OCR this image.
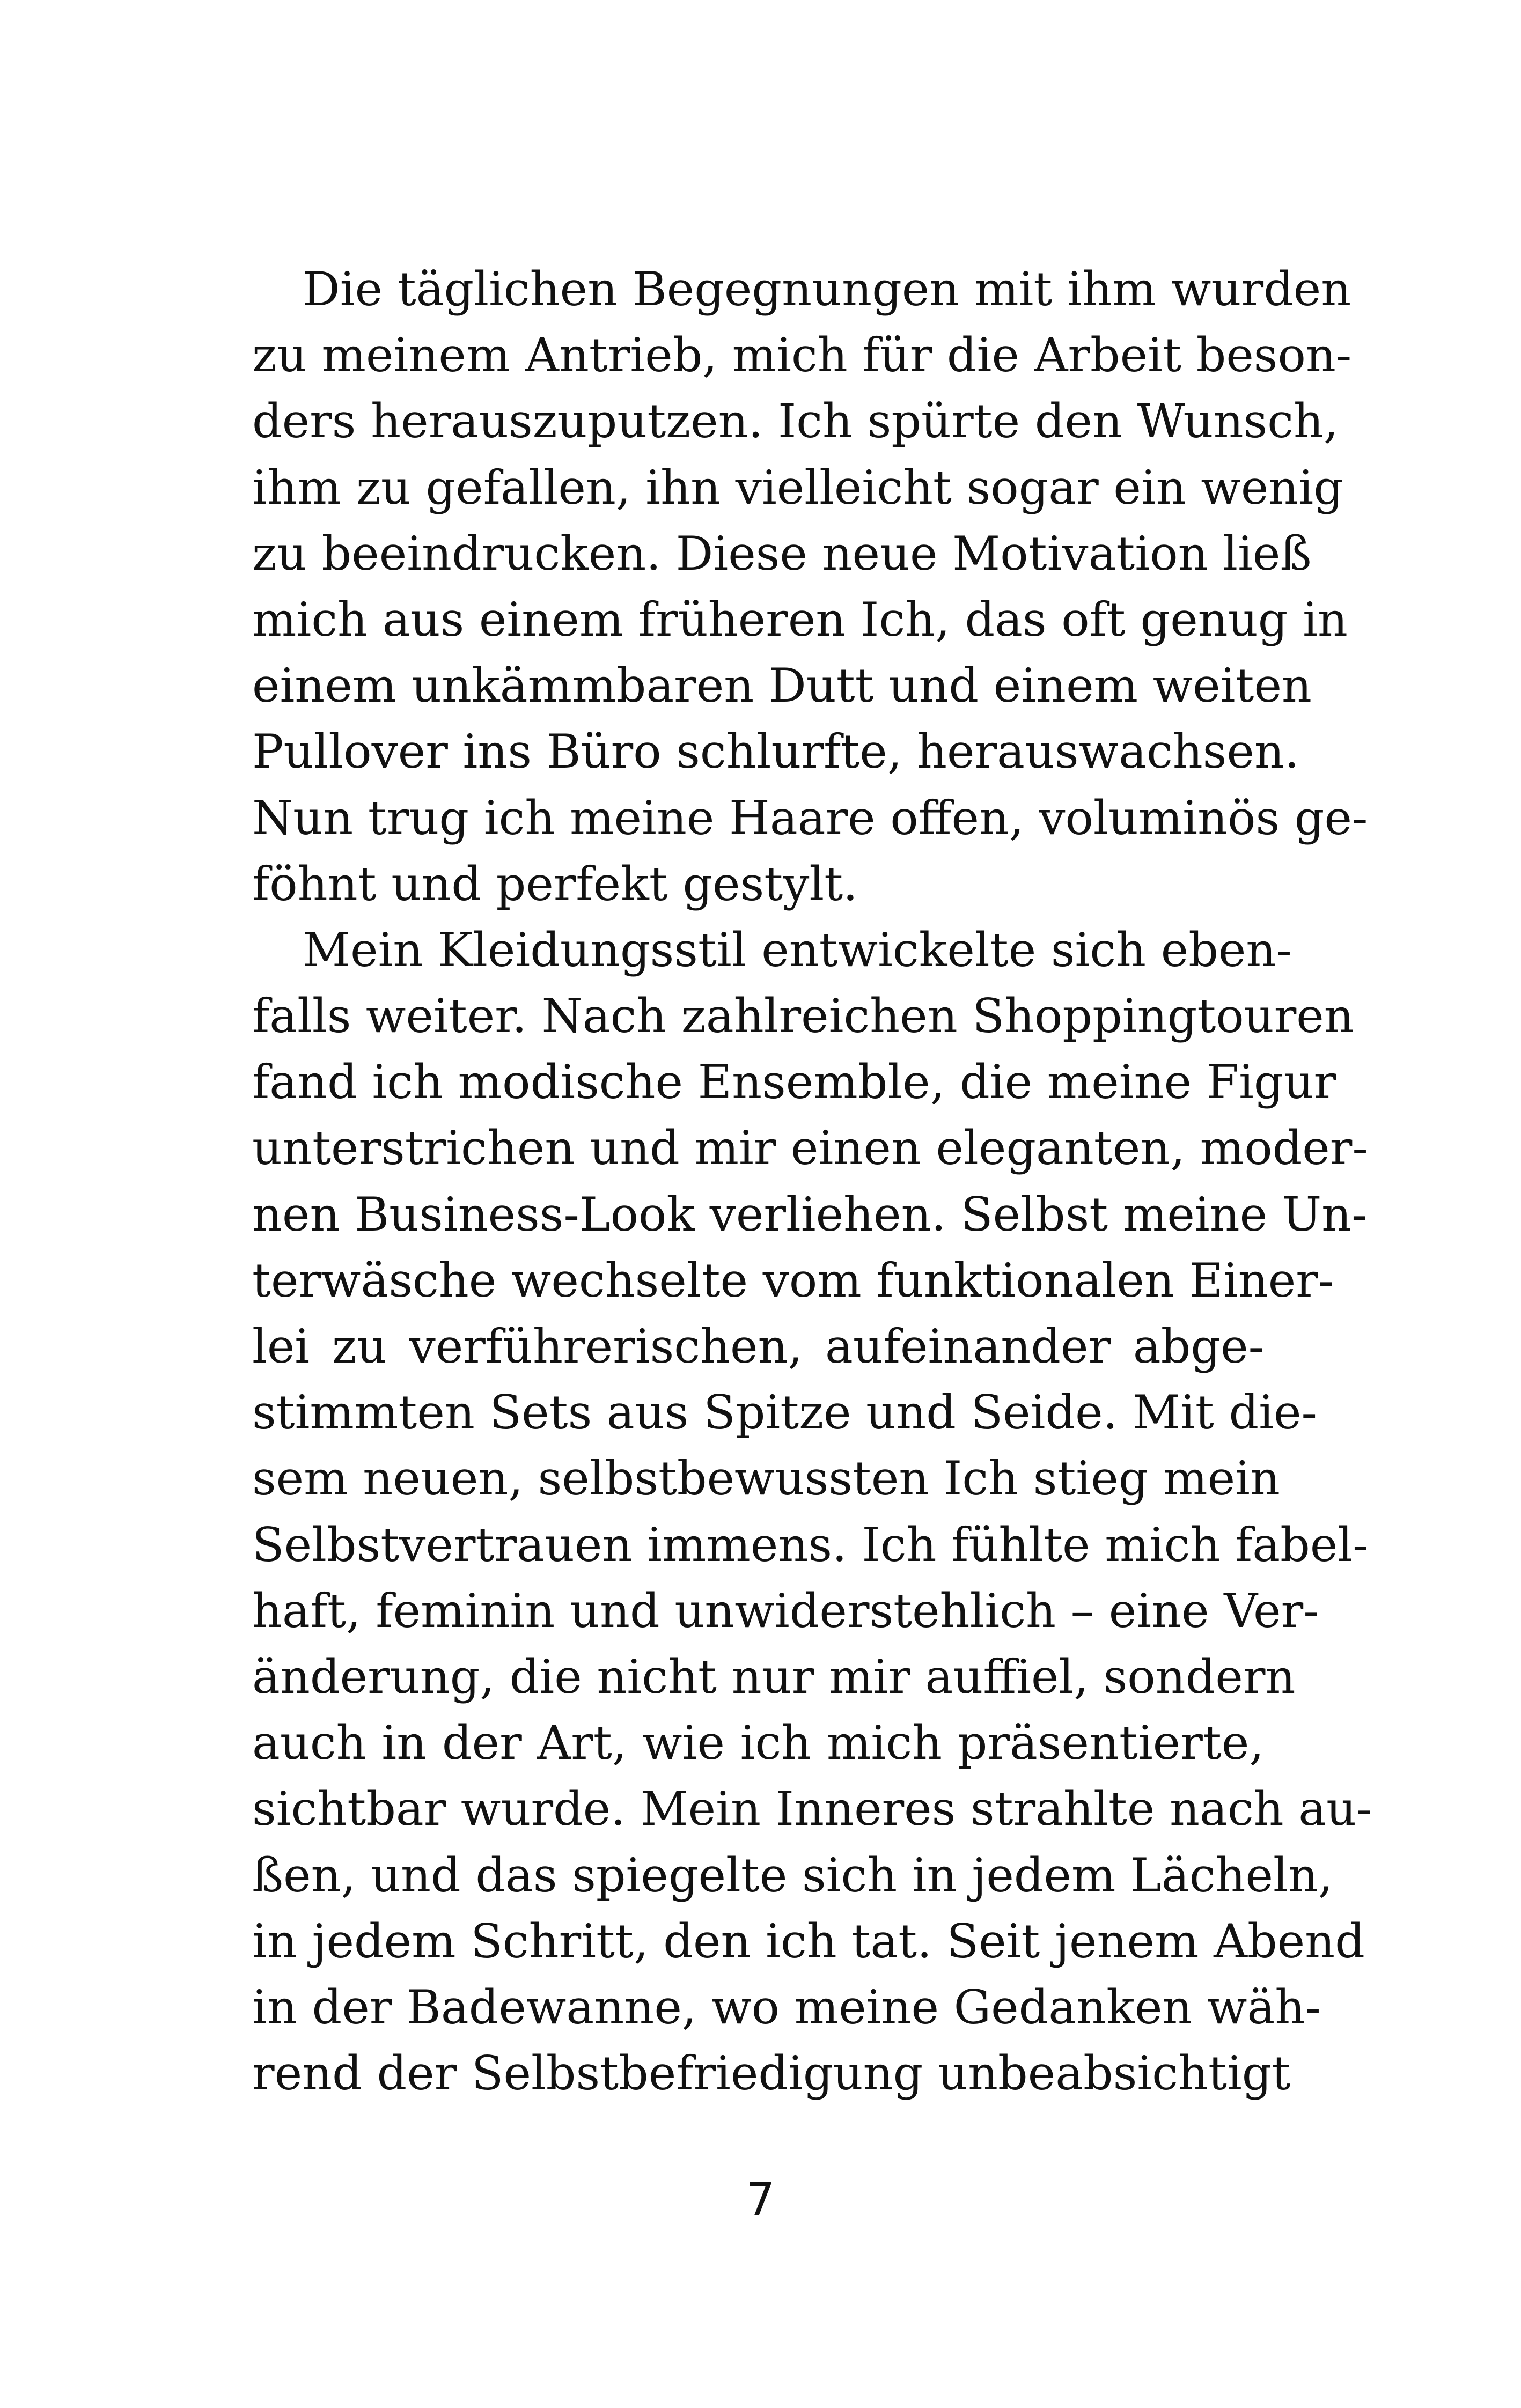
Die täglichen Begegnungen mit ihm wurden
zu meinem Antrieb, mich für die Arbeit beson-
ders herauszuputzen. Ich spürte den Wunsch,
ihm zu gefallen, ihn vielleicht sogar ein wenig
zu beeindrucken. Diese neue Motivation ließ
mich aus einem früheren Ich, das oft genug in
einem unkämmbaren Dutt und einem weiten
Pullover ins Büro schlurfte, herauswachsen.
Nun trug ich meine Haare offen, voluminös ge-
föhnt und perfekt gestylt.
Mein Kleidungsstil entwickelte sich eben-
falls weiter. Nach zahlreichen Shoppingtouren
fand ich modische Ensemble, die meine Figur
unterstrichen und mir einen eleganten, moder-
nen Business-Look verliehen. Selbst meine Un-
terwäsche wechselte vom funktionalen Einer-
lei zu verführerischen, aufeinander abge-
stimmten Sets aus Spitze und Seide. Mit die-
sem neuen, selbstbewussten Ich stieg mein
Selbstvertrauen immens. Ich fühlte mich fabel-
haft, feminin und unwiderstehlich – eine Ver-
änderung, die nicht nur mir auffiel, sondern
auch in der Art, wie ich mich präsentierte,
sichtbar wurde. Mein Inneres strahlte nach au-
ßen, und das spiegelte sich in jedem Lächeln,
in jedem Schritt, den ich tat. Seit jenem Abend
in der Badewanne, wo meine Gedanken wäh-
rend der Selbstbefriedigung unbeabsichtigt
7
